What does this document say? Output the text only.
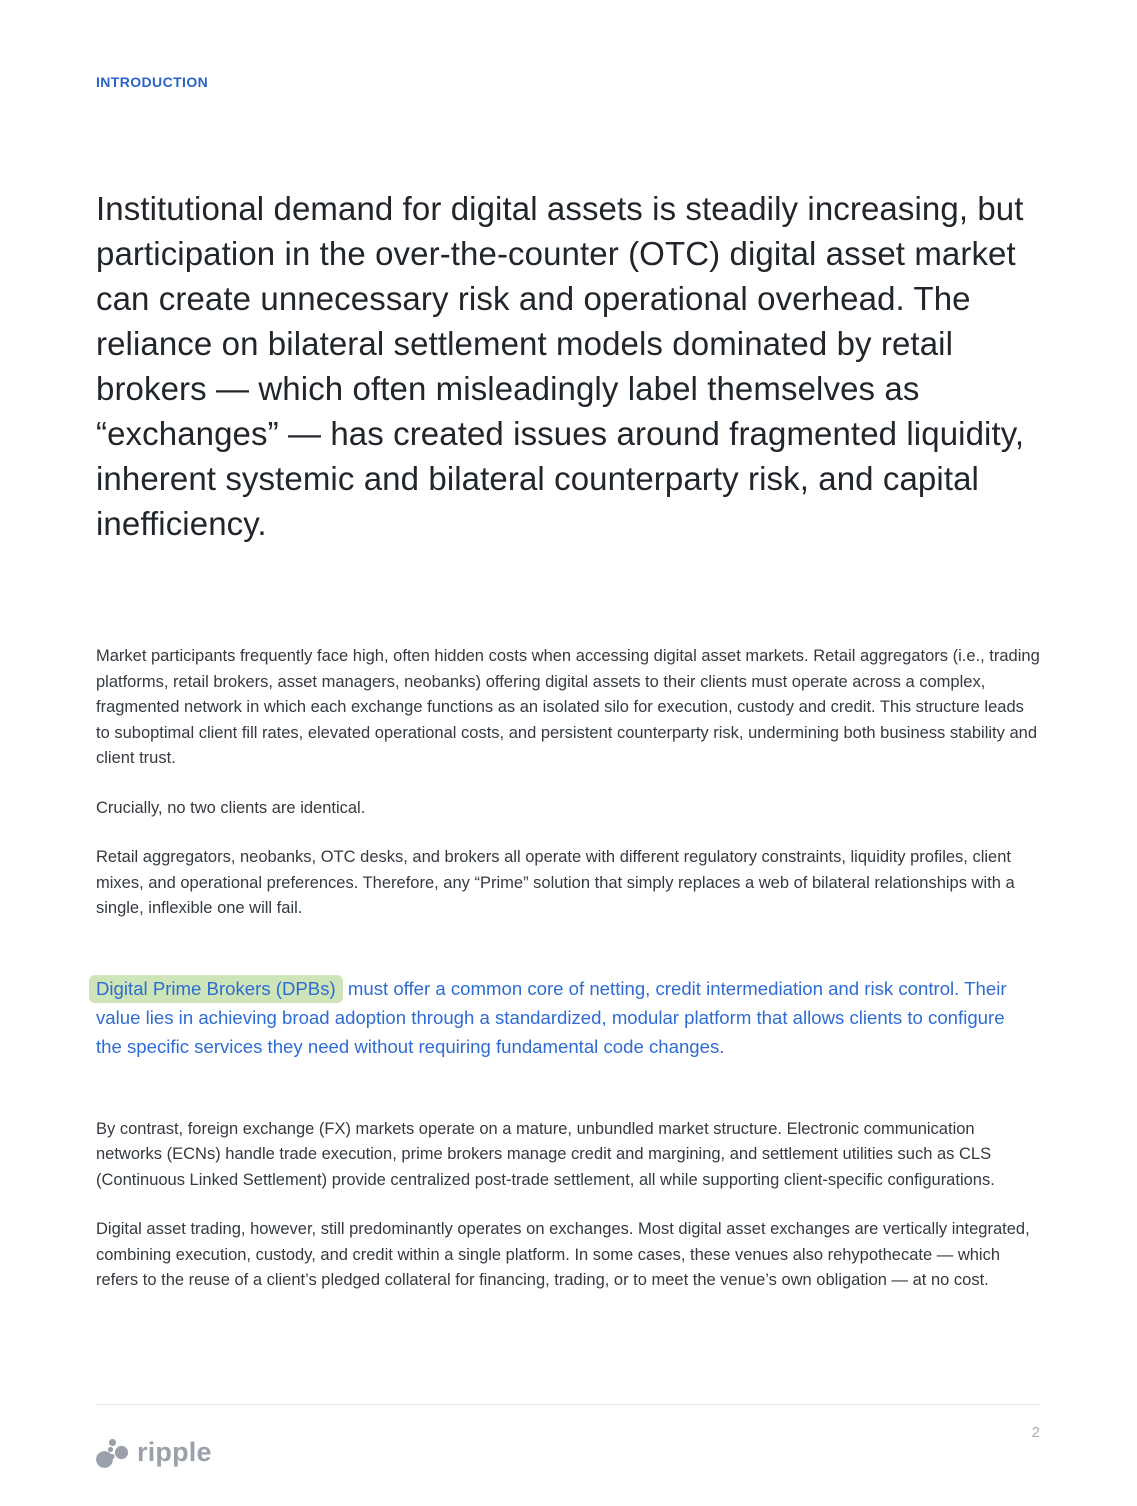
INTRODUCTION
Institutional demand for digital assets is steadily increasing, but participation in the over-the-counter (OTC) digital asset market can create unnecessary risk and operational overhead. The reliance on bilateral settlement models dominated by retail brokers — which often misleadingly label themselves as “exchanges” — has created issues around fragmented liquidity, inherent systemic and bilateral counterparty risk, and capital inefficiency.

Market participants frequently face high, often hidden costs when accessing digital asset markets. Retail aggregators (i.e., trading platforms, retail brokers, asset managers, neobanks) offering digital assets to their clients must operate across a complex, fragmented network in which each exchange functions as an isolated silo for execution, custody and credit. This structure leads to suboptimal client fill rates, elevated operational costs, and persistent counterparty risk, undermining both business stability and client trust.

Crucially, no two clients are identical.

Retail aggregators, neobanks, OTC desks, and brokers all operate with different regulatory constraints, liquidity profiles, client mixes, and operational preferences. Therefore, any “Prime” solution that simply replaces a web of bilateral relationships with a single, inflexible one will fail.

Digital Prime Brokers (DPBs) must offer a common core of netting, credit intermediation and risk control. Their value lies in achieving broad adoption through a standardized, modular platform that allows clients to configure the specific services they need without requiring fundamental code changes.

By contrast, foreign exchange (FX) markets operate on a mature, unbundled market structure. Electronic communication networks (ECNs) handle trade execution, prime brokers manage credit and margining, and settlement utilities such as CLS (Continuous Linked Settlement) provide centralized post-trade settlement, all while supporting client-specific configurations.

Digital asset trading, however, still predominantly operates on exchanges. Most digital asset exchanges are vertically integrated, combining execution, custody, and credit within a single platform. In some cases, these venues also rehypothecate — which refers to the reuse of a client’s pledged collateral for financing, trading, or to meet the venue’s own obligation — at no cost.

2
ripple
